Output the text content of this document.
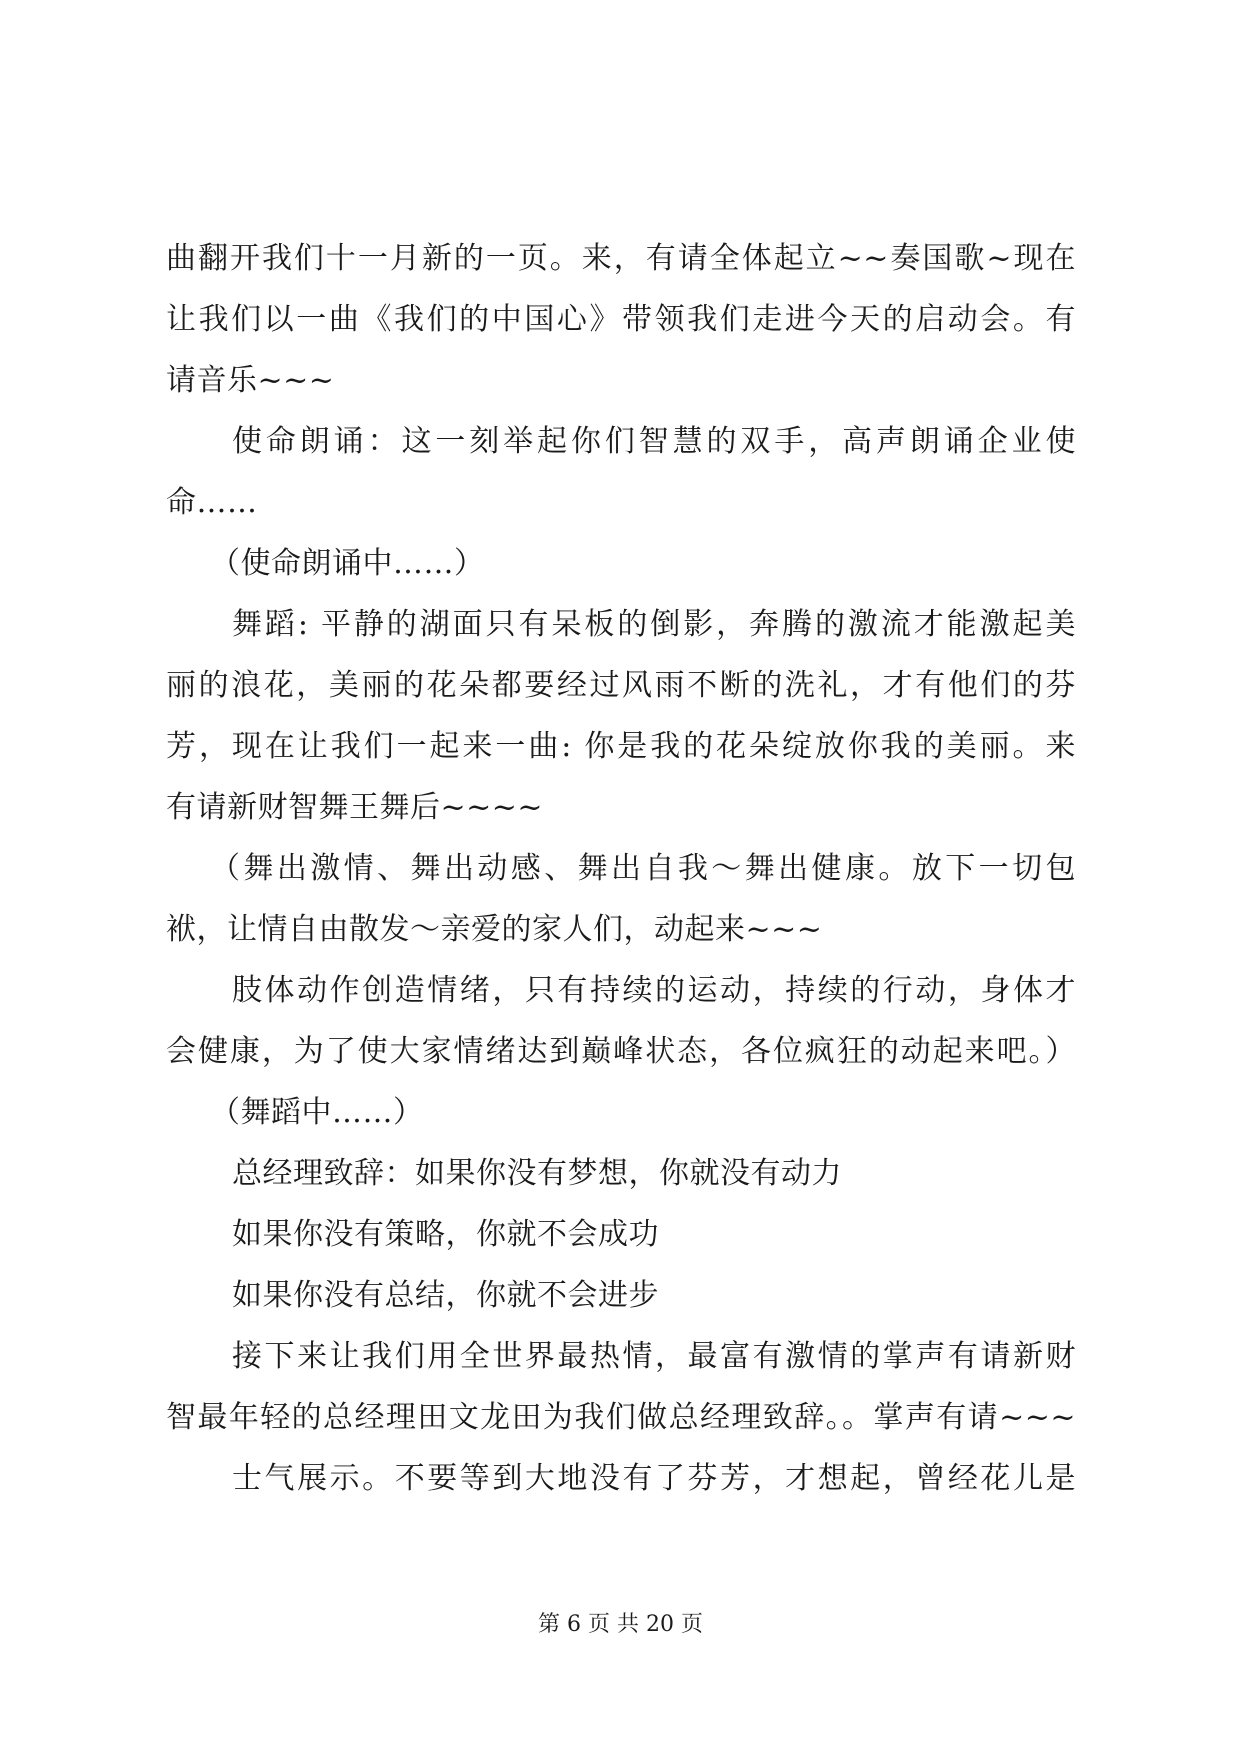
曲翻开我们十一月新的一页。来，有请全体起立~~奏国歌~现在
让我们以一曲《我们的中国心》带领我们走进今天的启动会。有
请音乐~~~
使命朗诵：这一刻举起你们智慧的双手，高声朗诵企业使
命……
（使命朗诵中……）
舞蹈: 平静的湖面只有呆板的倒影，奔腾的激流才能激起美
丽的浪花，美丽的花朵都要经过风雨不断的洗礼，才有他们的芬
芳，现在让我们一起来一曲: 你是我的花朵绽放你我的美丽。来
有请新财智舞王舞后~~~~
（舞出激情、舞出动感、舞出自我～舞出健康。放下一切包
袱，让情自由散发～亲爱的家人们，动起来~~~
肢体动作创造情绪，只有持续的运动，持续的行动，身体才
会健康，为了使大家情绪达到巅峰状态，各位疯狂的动起来吧。）
（舞蹈中……）
总经理致辞：如果你没有梦想，你就没有动力
如果你没有策略，你就不会成功
如果你没有总结，你就不会进步
接下来让我们用全世界最热情，最富有激情的掌声有请新财
智最年轻的总经理田文龙田为我们做总经理致辞。。掌声有请~~~
士气展示。不要等到大地没有了芬芳，才想起，曾经花儿是
第 6 页 共 20 页
